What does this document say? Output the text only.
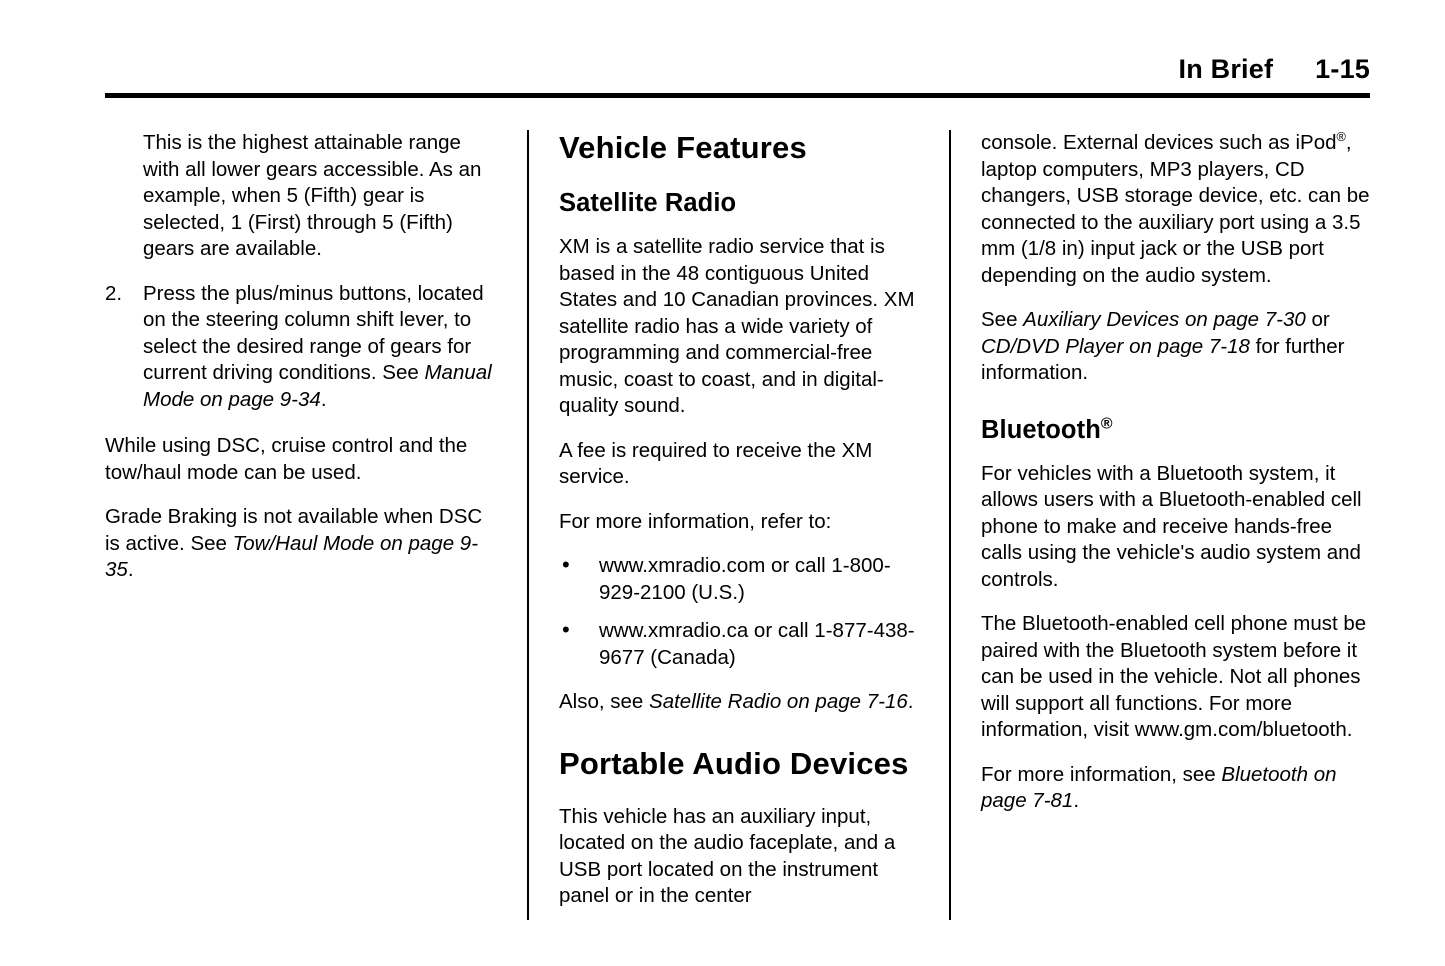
In Brief 1-15

This is the highest attainable range with all lower gears accessible. As an example, when 5 (Fifth) gear is selected, 1 (First) through 5 (Fifth) gears are available.

2. Press the plus/minus buttons, located on the steering column shift lever, to select the desired range of gears for current driving conditions. See Manual Mode on page 9-34.

While using DSC, cruise control and the tow/haul mode can be used.

Grade Braking is not available when DSC is active. See Tow/Haul Mode on page 9-35.

Vehicle Features
Satellite Radio

XM is a satellite radio service that is based in the 48 contiguous United States and 10 Canadian provinces. XM satellite radio has a wide variety of programming and commercial-free music, coast to coast, and in digital-quality sound.

A fee is required to receive the XM service.

For more information, refer to:

• www.xmradio.com or call 1-800-929-2100 (U.S.)
• www.xmradio.ca or call 1-877-438-9677 (Canada)

Also, see Satellite Radio on page 7-16.

Portable Audio Devices

This vehicle has an auxiliary input, located on the audio faceplate, and a USB port located on the instrument panel or in the center

console. External devices such as iPod®, laptop computers, MP3 players, CD changers, USB storage device, etc. can be connected to the auxiliary port using a 3.5 mm (1/8 in) input jack or the USB port depending on the audio system.

See Auxiliary Devices on page 7-30 or CD/DVD Player on page 7-18 for further information.

Bluetooth®

For vehicles with a Bluetooth system, it allows users with a Bluetooth-enabled cell phone to make and receive hands-free calls using the vehicle's audio system and controls.

The Bluetooth-enabled cell phone must be paired with the Bluetooth system before it can be used in the vehicle. Not all phones will support all functions. For more information, visit www.gm.com/bluetooth.

For more information, see Bluetooth on page 7-81.
